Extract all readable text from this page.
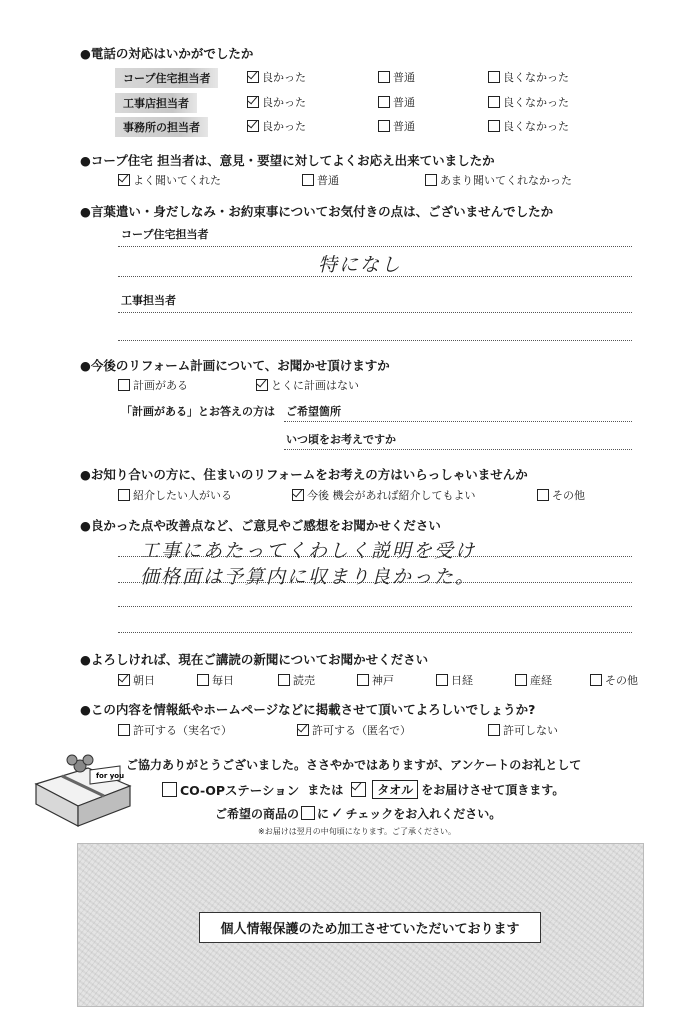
●電話の対応はいかがでしたか
コープ住宅担当者	良かった	普通	良くなかった
工事店担当者	良かった	普通	良くなかった
事務所の担当者	良かった	普通	良くなかった
●コープ住宅 担当者は、意見・要望に対してよくお応え出来ていましたか
よく聞いてくれた	普通	あまり聞いてくれなかった
●言葉遣い・身だしなみ・お約束事についてお気付きの点は、ございませんでしたか
コープ住宅担当者
特になし
工事担当者
●今後のリフォーム計画について、お聞かせ頂けますか
計画がある	とくに計画はない
「計画がある」とお答えの方は ご希望箇所
いつ頃をお考えですか
●お知り合いの方に、住まいのリフォームをお考えの方はいらっしゃいませんか
紹介したい人がいる	今後 機会があれば紹介してもよい	その他
●良かった点や改善点など、ご意見やご感想をお聞かせください
工事にあたってくわしく説明を受け
価格面は予算内に収まり良かった。
●よろしければ、現在ご講読の新聞についてお聞かせください
朝日	毎日	読売	神戸	日経	産経	その他
●この内容を情報紙やホームページなどに掲載させて頂いてよろしいでしょうか?
許可する（実名で）	許可する（匿名で）	許可しない
for you
ご協力ありがとうございました。ささやかではありますが、アンケートのお礼として
CO-OPステーション または	タオル をお届けさせて頂きます。
ご希望の商品の に ✓ チェックをお入れください。
※お届けは翌月の中旬頃になります。ご了承ください。
個人情報保護のため加工させていただいております
